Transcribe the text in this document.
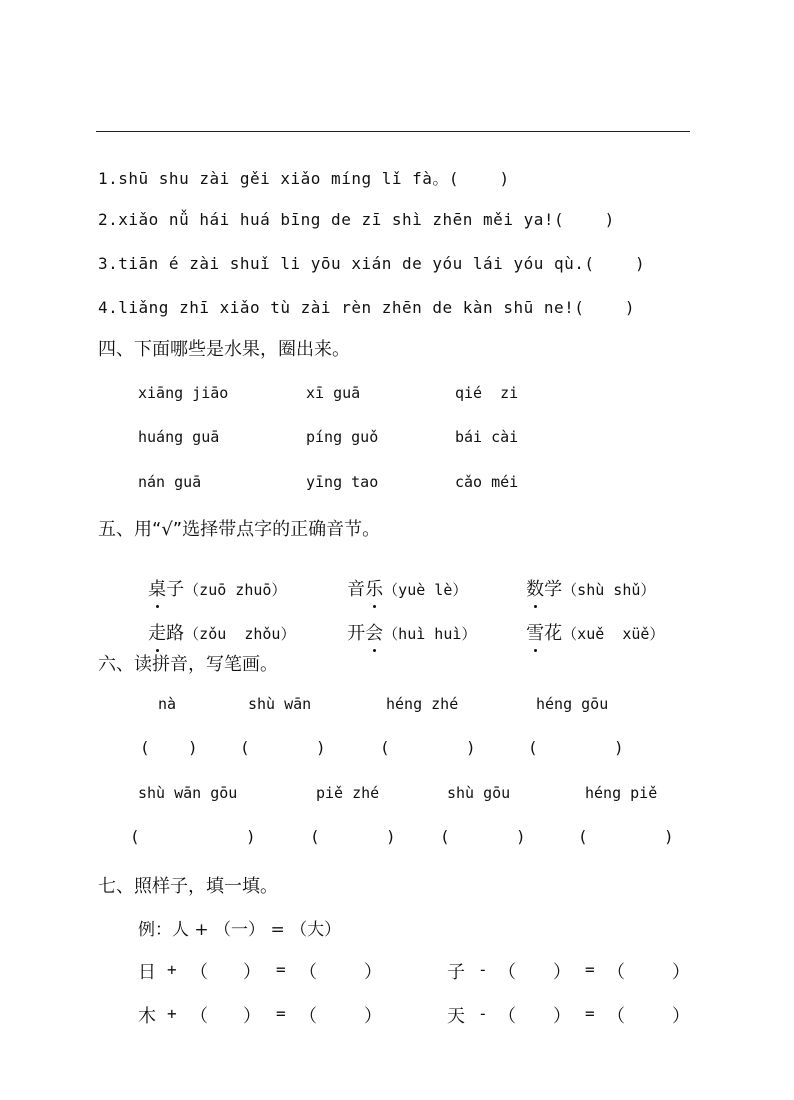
1.shū shu zài gěi xiǎo míng lǐ fà。(    )
2.xiǎo nǚ hái huá bīng de zī shì zhēn měi ya!(    )
3.tiān é zài shuǐ li yōu xián de yóu lái yóu qù.(    )
4.liǎng zhī xiǎo tù zài rèn zhēn de kàn shū ne!(    )
四、下面哪些是水果，圈出来。
xiāng jiāo	xī guā	qié  zi
huáng guā	píng guǒ	bái cài
nán guā	yīng tao	cǎo méi
五、用“√”选择带点字的正确音节。

桌子（zuō zhuō）	音乐（yuè lè）	数学（shù shǔ）

走路（zǒu  zhǒu）	开会（huì huì）	雪花（xuě  xüě）

六、读拼音，写笔画。
nà	shù wān	héng zhé	héng gōu
( )	(	)	(	)	(	)
shù wān gōu	piě zhé	shù gōu	héng piě
(	)	(	)	(	)	(	)
七、照样子，填一填。
例：人 + （一） = （大）
日 + （ ） = （	）	子 - （ ） = （	）
木 + （ ） = （	）	天 - （ ） = （	）
